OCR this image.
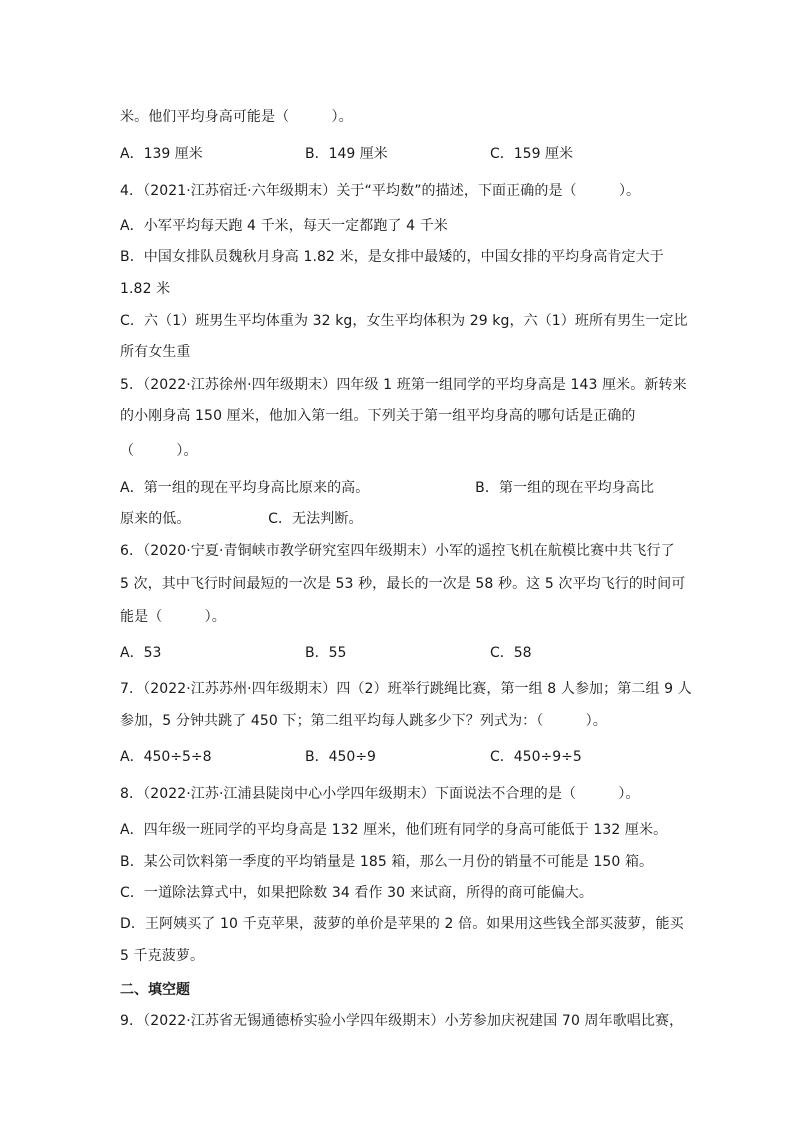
米。他们平均身高可能是（　　　）。
A．139 厘米	B．149 厘米	C．159 厘米
4．（2021·江苏宿迁·六年级期末）关于“平均数”的描述，下面正确的是（　　　）。
A．小军平均每天跑 4 千米，每天一定都跑了 4 千米
B．中国女排队员魏秋月身高 1.82 米，是女排中最矮的，中国女排的平均身高肯定大于
1.82 米
C．六（1）班男生平均体重为 32 kg，女生平均体积为 29 kg，六（1）班所有男生一定比
所有女生重
5．（2022·江苏徐州·四年级期末）四年级 1 班第一组同学的平均身高是 143 厘米。新转来
的小刚身高 150 厘米，他加入第一组。下列关于第一组平均身高的哪句话是正确的
（　　　）。
A．第一组的现在平均身高比原来的高。　　　　　　　　B．第一组的现在平均身高比
原来的低。　　　　　　C．无法判断。
6．（2020·宁夏·青铜峡市教学研究室四年级期末）小军的遥控飞机在航模比赛中共飞行了
5 次，其中飞行时间最短的一次是 53 秒，最长的一次是 58 秒。这 5 次平均飞行的时间可
能是（　　　）。
A．53	B．55	C．58
7．（2022·江苏苏州·四年级期末）四（2）班举行跳绳比赛，第一组 8 人参加；第二组 9 人
参加，5 分钟共跳了 450 下；第二组平均每人跳多少下？列式为：（　　　）。
A．450÷5÷8	B．450÷9	C．450÷9÷5
8．（2022·江苏·江浦县陡岗中心小学四年级期末）下面说法不合理的是（　　　）。
A．四年级一班同学的平均身高是 132 厘米，他们班有同学的身高可能低于 132 厘米。
B．某公司饮料第一季度的平均销量是 185 箱，那么一月份的销量不可能是 150 箱。
C．一道除法算式中，如果把除数 34 看作 30 来试商，所得的商可能偏大。
D．王阿姨买了 10 千克苹果，菠萝的单价是苹果的 2 倍。如果用这些钱全部买菠萝，能买
5 千克菠萝。
二、填空题
9．（2022·江苏省无锡通德桥实验小学四年级期末）小芳参加庆祝建国 70 周年歌唱比赛，
